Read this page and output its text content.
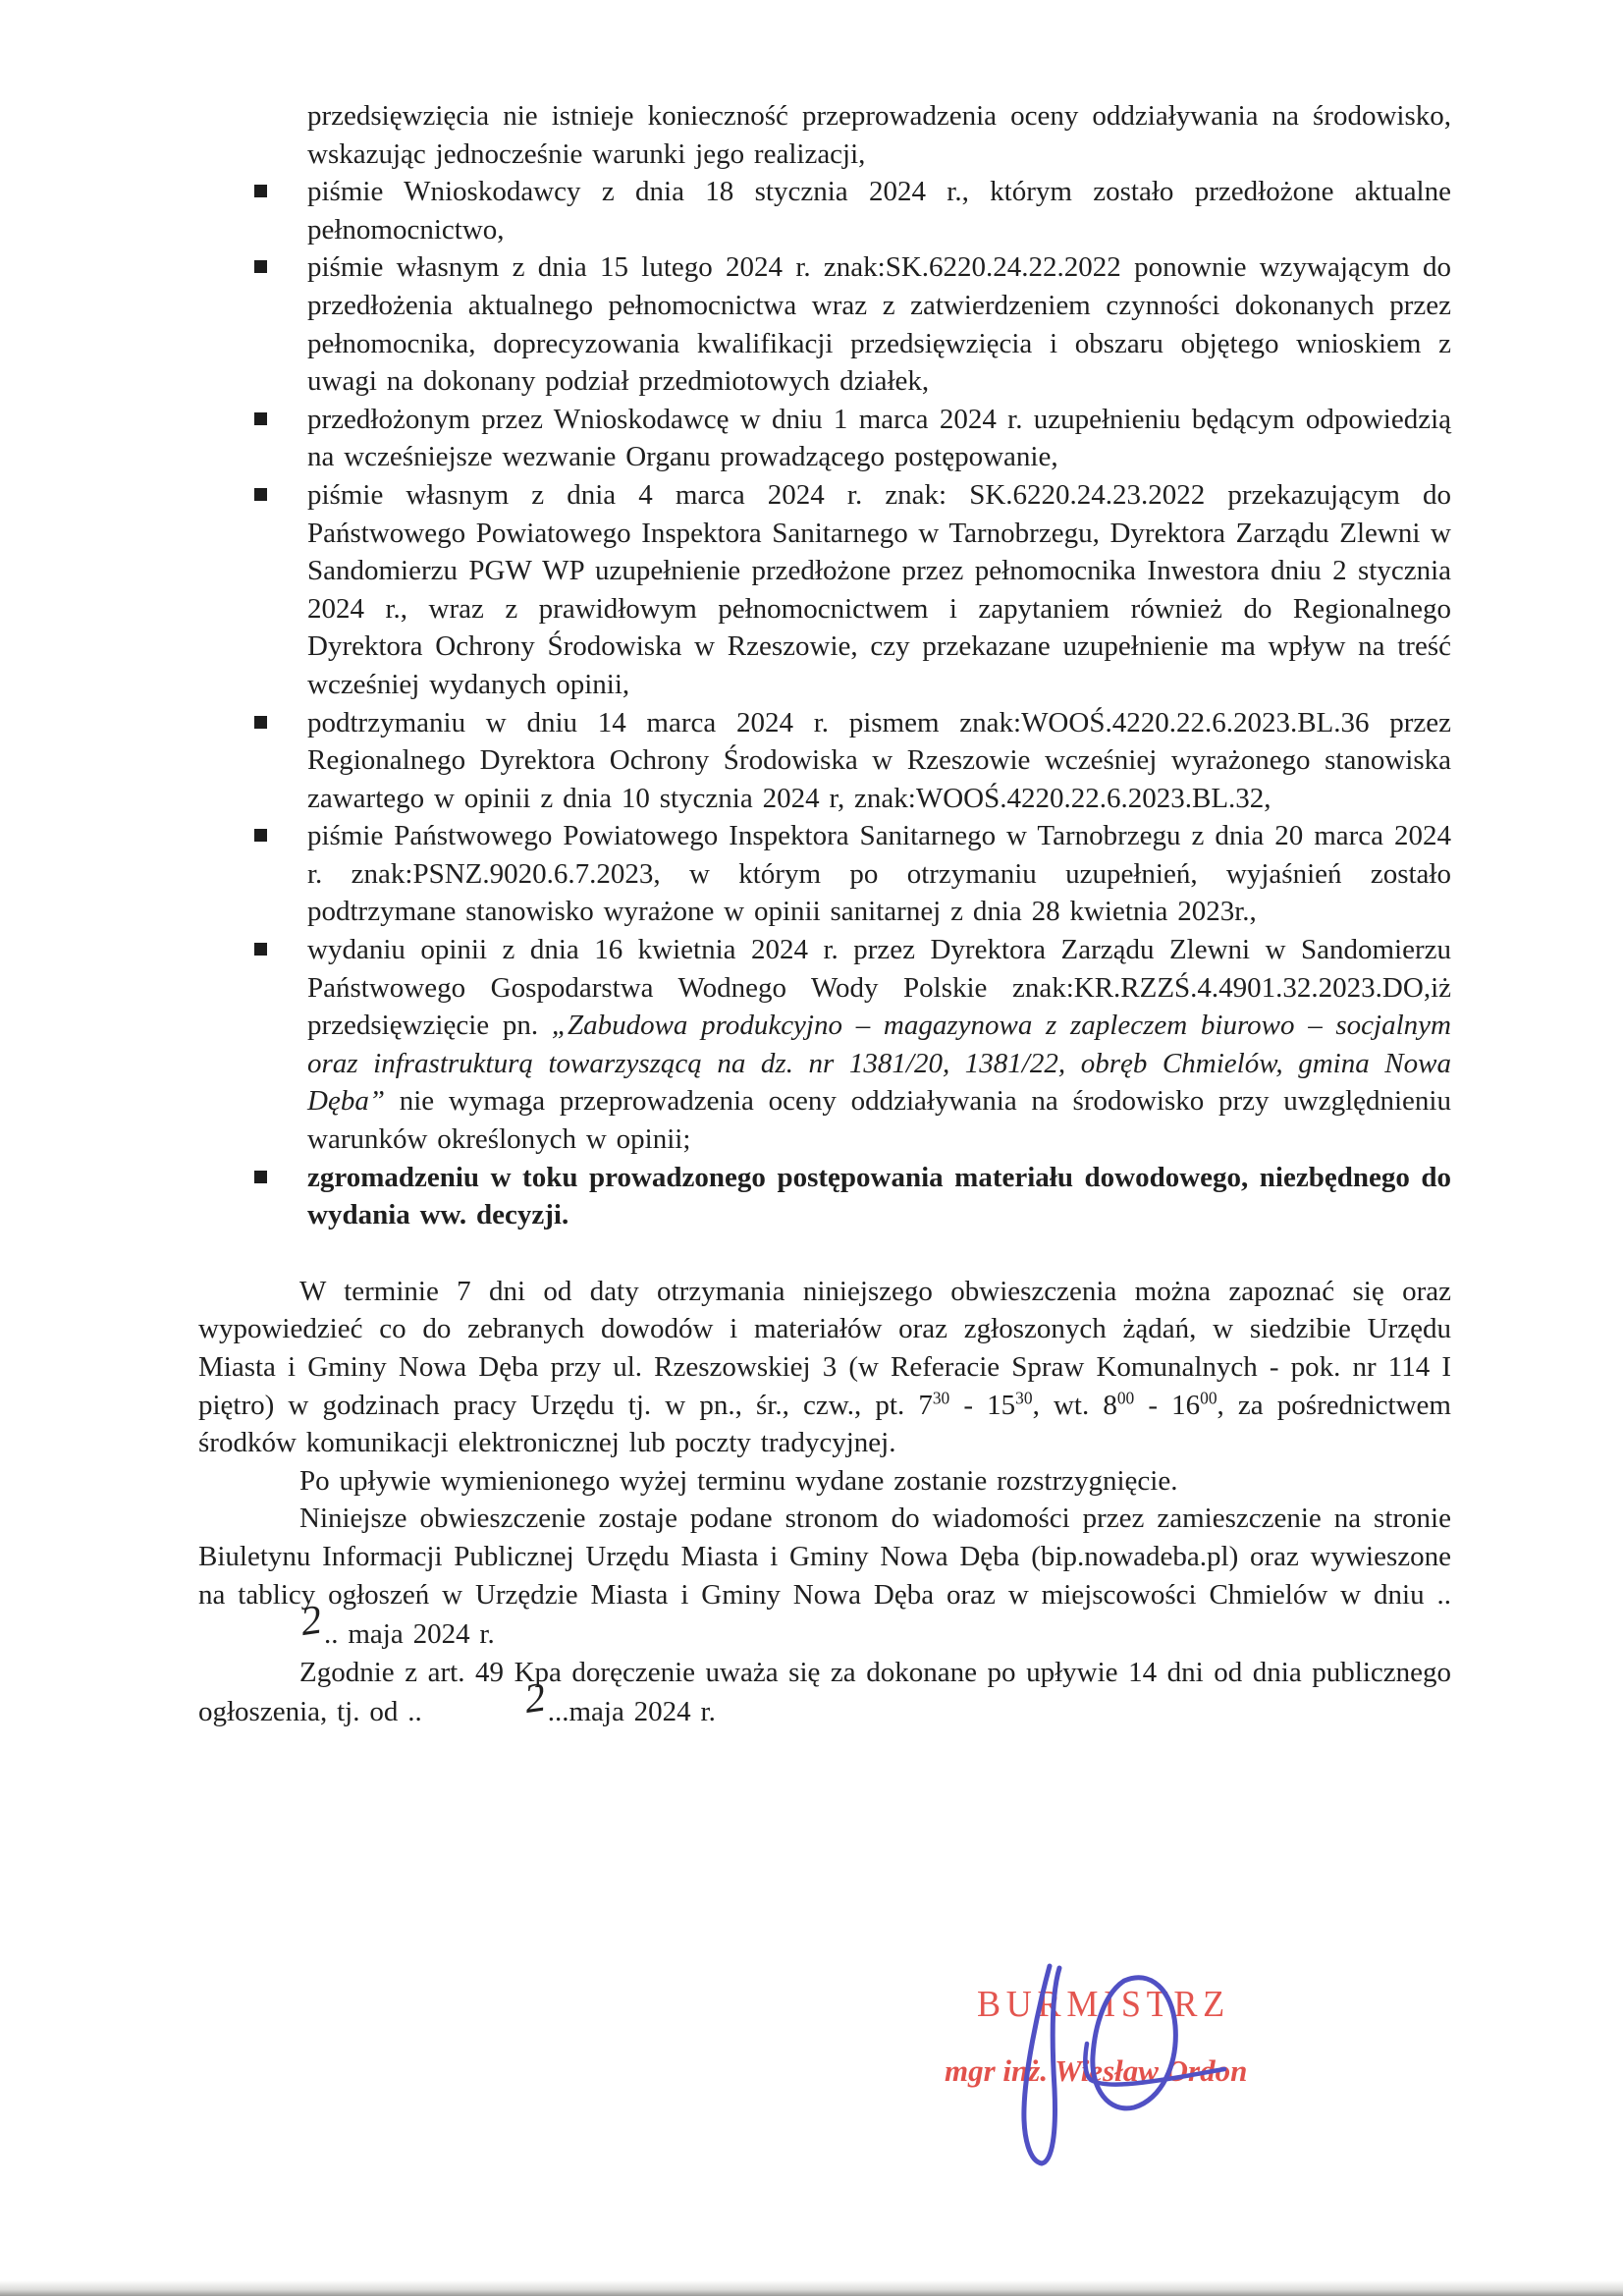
przedsięwzięcia nie istnieje konieczność przeprowadzenia oceny oddziaływania na środowisko, wskazując jednocześnie warunki jego realizacji,

piśmie Wnioskodawcy z dnia 18 stycznia 2024 r., którym zostało przedłożone aktualne pełnomocnictwo,
piśmie własnym z dnia 15 lutego 2024 r. znak:SK.6220.24.22.2022 ponownie wzywającym do przedłożenia aktualnego pełnomocnictwa wraz z zatwierdzeniem czynności dokonanych przez pełnomocnika, doprecyzowania kwalifikacji przedsięwzięcia i obszaru objętego wnioskiem z uwagi na dokonany podział przedmiotowych działek,
przedłożonym przez Wnioskodawcę w dniu 1 marca 2024 r. uzupełnieniu będącym odpowiedzią na wcześniejsze wezwanie Organu prowadzącego postępowanie,
piśmie własnym z dnia 4 marca 2024 r. znak: SK.6220.24.23.2022 przekazującym do Państwowego Powiatowego Inspektora Sanitarnego w Tarnobrzegu, Dyrektora Zarządu Zlewni w Sandomierzu PGW WP uzupełnienie przedłożone przez pełnomocnika Inwestora dniu 2 stycznia 2024 r., wraz z prawidłowym pełnomocnictwem i zapytaniem również do Regionalnego Dyrektora Ochrony Środowiska w Rzeszowie, czy przekazane uzupełnienie ma wpływ na treść wcześniej wydanych opinii,
podtrzymaniu w dniu 14 marca 2024 r. pismem znak:WOOŚ.4220.22.6.2023.BL.36 przez Regionalnego Dyrektora Ochrony Środowiska w Rzeszowie wcześniej wyrażonego stanowiska zawartego w opinii z dnia 10 stycznia 2024 r, znak:WOOŚ.4220.22.6.2023.BL.32,
piśmie Państwowego Powiatowego Inspektora Sanitarnego w Tarnobrzegu z dnia 20 marca 2024 r. znak:PSNZ.9020.6.7.2023, w którym po otrzymaniu uzupełnień, wyjaśnień zostało podtrzymane stanowisko wyrażone w opinii sanitarnej z dnia 28 kwietnia 2023r.,
wydaniu opinii z dnia 16 kwietnia 2024 r. przez Dyrektora Zarządu Zlewni w Sandomierzu Państwowego Gospodarstwa Wodnego Wody Polskie znak:KR.RZZŚ.4.4901.32.2023.DO,iż przedsięwzięcie pn. „Zabudowa produkcyjno – magazynowa z zapleczem biurowo – socjalnym oraz infrastrukturą towarzyszącą na dz. nr 1381/20, 1381/22, obręb Chmielów, gmina Nowa Dęba” nie wymaga przeprowadzenia oceny oddziaływania na środowisko przy uwzględnieniu warunków określonych w opinii;
zgromadzeniu w toku prowadzonego postępowania materiału dowodowego, niezbędnego do wydania ww. decyzji.

W terminie 7 dni od daty otrzymania niniejszego obwieszczenia można zapoznać się oraz wypowiedzieć co do zebranych dowodów i materiałów oraz zgłoszonych żądań, w siedzibie Urzędu Miasta i Gminy Nowa Dęba przy ul. Rzeszowskiej 3 (w Referacie Spraw Komunalnych - pok. nr 114 I piętro) w godzinach pracy Urzędu tj. w pn., śr., czw., pt. $7^{30} - 15^{30}$, wt. $8^{00} - 16^{00}$, za pośrednictwem środków komunikacji elektronicznej lub poczty tradycyjnej.

Po upływie wymienionego wyżej terminu wydane zostanie rozstrzygnięcie.

Niniejsze obwieszczenie zostaje podane stronom do wiadomości przez zamieszczenie na stronie Biuletynu Informacji Publicznej Urzędu Miasta i Gminy Nowa Dęba (bip.nowadeba.pl) oraz wywieszone na tablicy ogłoszeń w Urzędzie Miasta i Gminy Nowa Dęba oraz w miejscowości Chmielów w dniu ..2.. maja 2024 r.

Zgodnie z art. 49 Kpa doręczenie uważa się za dokonane po upływie 14 dni od dnia publicznego ogłoszenia, tj. od .. 2...maja 2024 r.

BURMISTRZ
mgr inż. Wiesław Ordon
